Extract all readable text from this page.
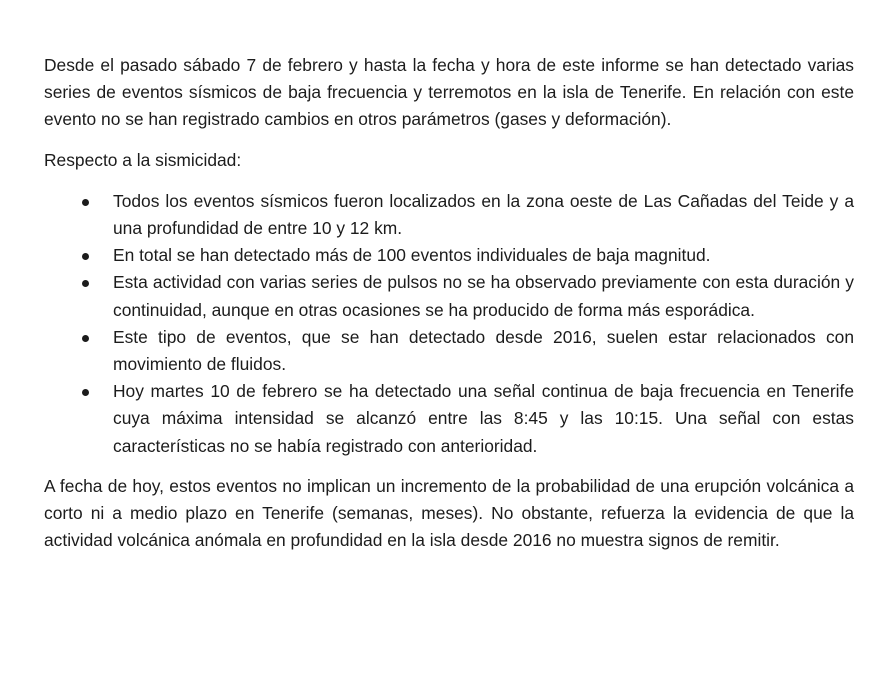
Desde el pasado sábado 7 de febrero y hasta la fecha y hora de este informe se han detectado varias series de eventos sísmicos de baja frecuencia y terremotos en la isla de Tenerife. En relación con este evento no se han registrado cambios en otros parámetros (gases y deformación).

Respecto a la sismicidad:

Todos los eventos sísmicos fueron localizados en la zona oeste de Las Cañadas del Teide y a una profundidad de entre 10 y 12 km.
En total se han detectado más de 100 eventos individuales de baja magnitud.
Esta actividad con varias series de pulsos no se ha observado previamente con esta duración y continuidad, aunque en otras ocasiones se ha producido de forma más esporádica.
Este tipo de eventos, que se han detectado desde 2016, suelen estar relacionados con movimiento de fluidos.
Hoy martes 10 de febrero se ha detectado una señal continua de baja frecuencia en Tenerife cuya máxima intensidad se alcanzó entre las 8:45 y las 10:15. Una señal con estas características no se había registrado con anterioridad.

A fecha de hoy, estos eventos no implican un incremento de la probabilidad de una erupción volcánica a corto ni a medio plazo en Tenerife (semanas, meses). No obstante, refuerza la evidencia de que la actividad volcánica anómala en profundidad en la isla desde 2016 no muestra signos de remitir.
